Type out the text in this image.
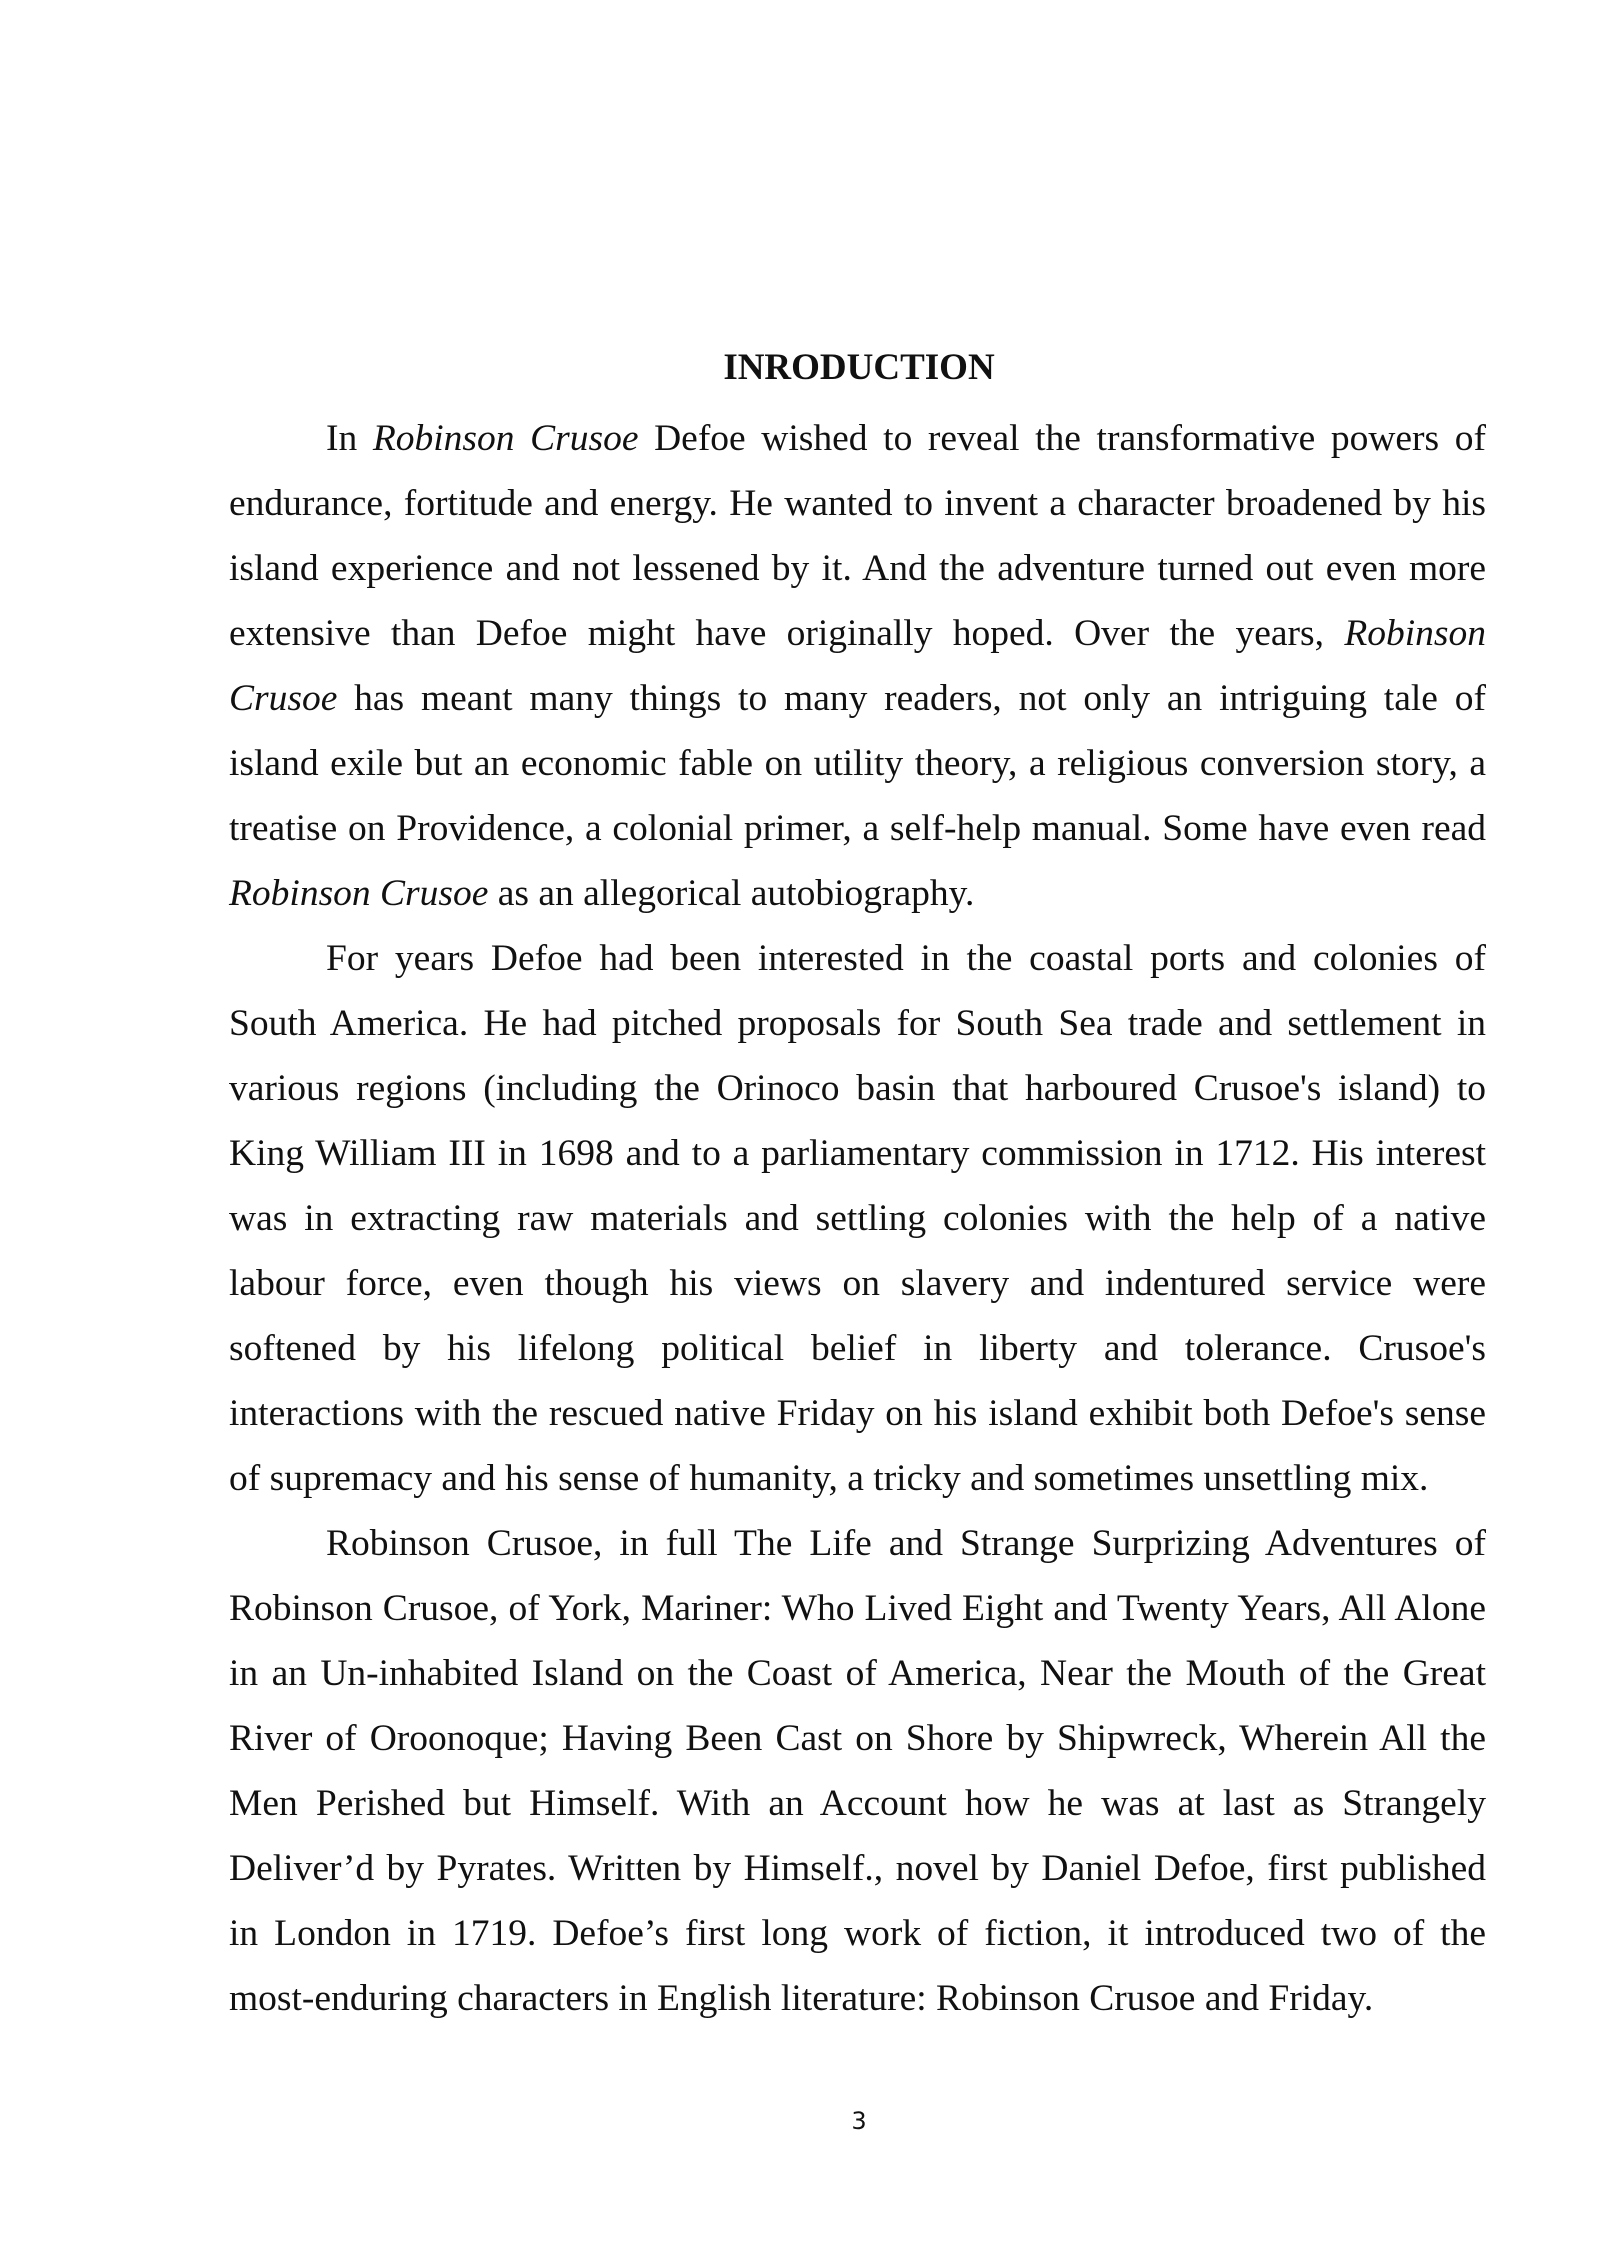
INRODUCTION

In Robinson Crusoe Defoe wished to reveal the transformative powers of endurance, fortitude and energy. He wanted to invent a character broadened by his island experience and not lessened by it. And the adventure turned out even more extensive than Defoe might have originally hoped. Over the years, Robinson Crusoe has meant many things to many readers, not only an intriguing tale of island exile but an economic fable on utility theory, a religious conversion story, a treatise on Providence, a colonial primer, a self-help manual. Some have even read Robinson Crusoe as an allegorical autobiography.

For years Defoe had been interested in the coastal ports and colonies of South America. He had pitched proposals for South Sea trade and settlement in various regions (including the Orinoco basin that harboured Crusoe's island) to King William III in 1698 and to a parliamentary commission in 1712. His interest was in extracting raw materials and settling colonies with the help of a native labour force, even though his views on slavery and indentured service were softened by his lifelong political belief in liberty and tolerance. Crusoe's interactions with the rescued native Friday on his island exhibit both Defoe's sense of supremacy and his sense of humanity, a tricky and sometimes unsettling mix.

Robinson Crusoe, in full The Life and Strange Surprizing Adventures of Robinson Crusoe, of York, Mariner: Who Lived Eight and Twenty Years, All Alone in an Un-inhabited Island on the Coast of America, Near the Mouth of the Great River of Oroonoque; Having Been Cast on Shore by Shipwreck, Wherein All the Men Perished but Himself. With an Account how he was at last as Strangely Deliver’d by Pyrates. Written by Himself., novel by Daniel Defoe, first published in London in 1719. Defoe’s first long work of fiction, it introduced two of the most-enduring characters in English literature: Robinson Crusoe and Friday.

3
